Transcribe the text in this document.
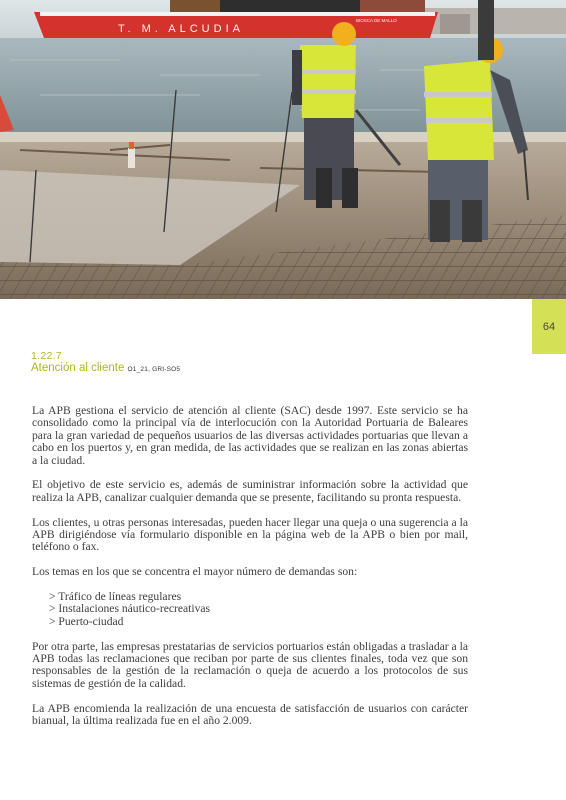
T. M. ALCUDIA
BIOSCA DE MALLO
64
1.22.7
Atención al cliente O1_21, GRI-SO5

La APB gestiona el servicio de atención al cliente (SAC) desde 1997. Este servicio se ha consolidado como la principal vía de interlocución con la Autoridad Portuaria de Baleares para la gran variedad de pequeños usuarios de las diversas actividades portuarias que llevan a cabo en los puertos y, en gran medida, de las actividades que se realizan en las zonas abiertas a la ciudad.

El objetivo de este servicio es, además de suministrar información sobre la actividad que realiza la APB, canalizar cualquier demanda que se presente, facilitando su pronta respuesta.

Los clientes, u otras personas interesadas, pueden hacer llegar una queja o una sugerencia a la APB dirigiéndose vía formulario disponible en la página web de la APB o bien por mail, teléfono o fax.

Los temas en los que se concentra el mayor número de demandas son:

> Tráfico de líneas regulares
> Instalaciones náutico-recreativas
> Puerto-ciudad

Por otra parte, las empresas prestatarias de servicios portuarios están obligadas a trasladar a la APB todas las reclamaciones que reciban por parte de sus clientes finales, toda vez que son responsables de la gestión de la reclamación o queja de acuerdo a los protocolos de sus sistemas de gestión de la calidad.

La APB encomienda la realización de una encuesta de satisfacción de usuarios con carácter bianual, la última realizada fue en el año 2.009.
